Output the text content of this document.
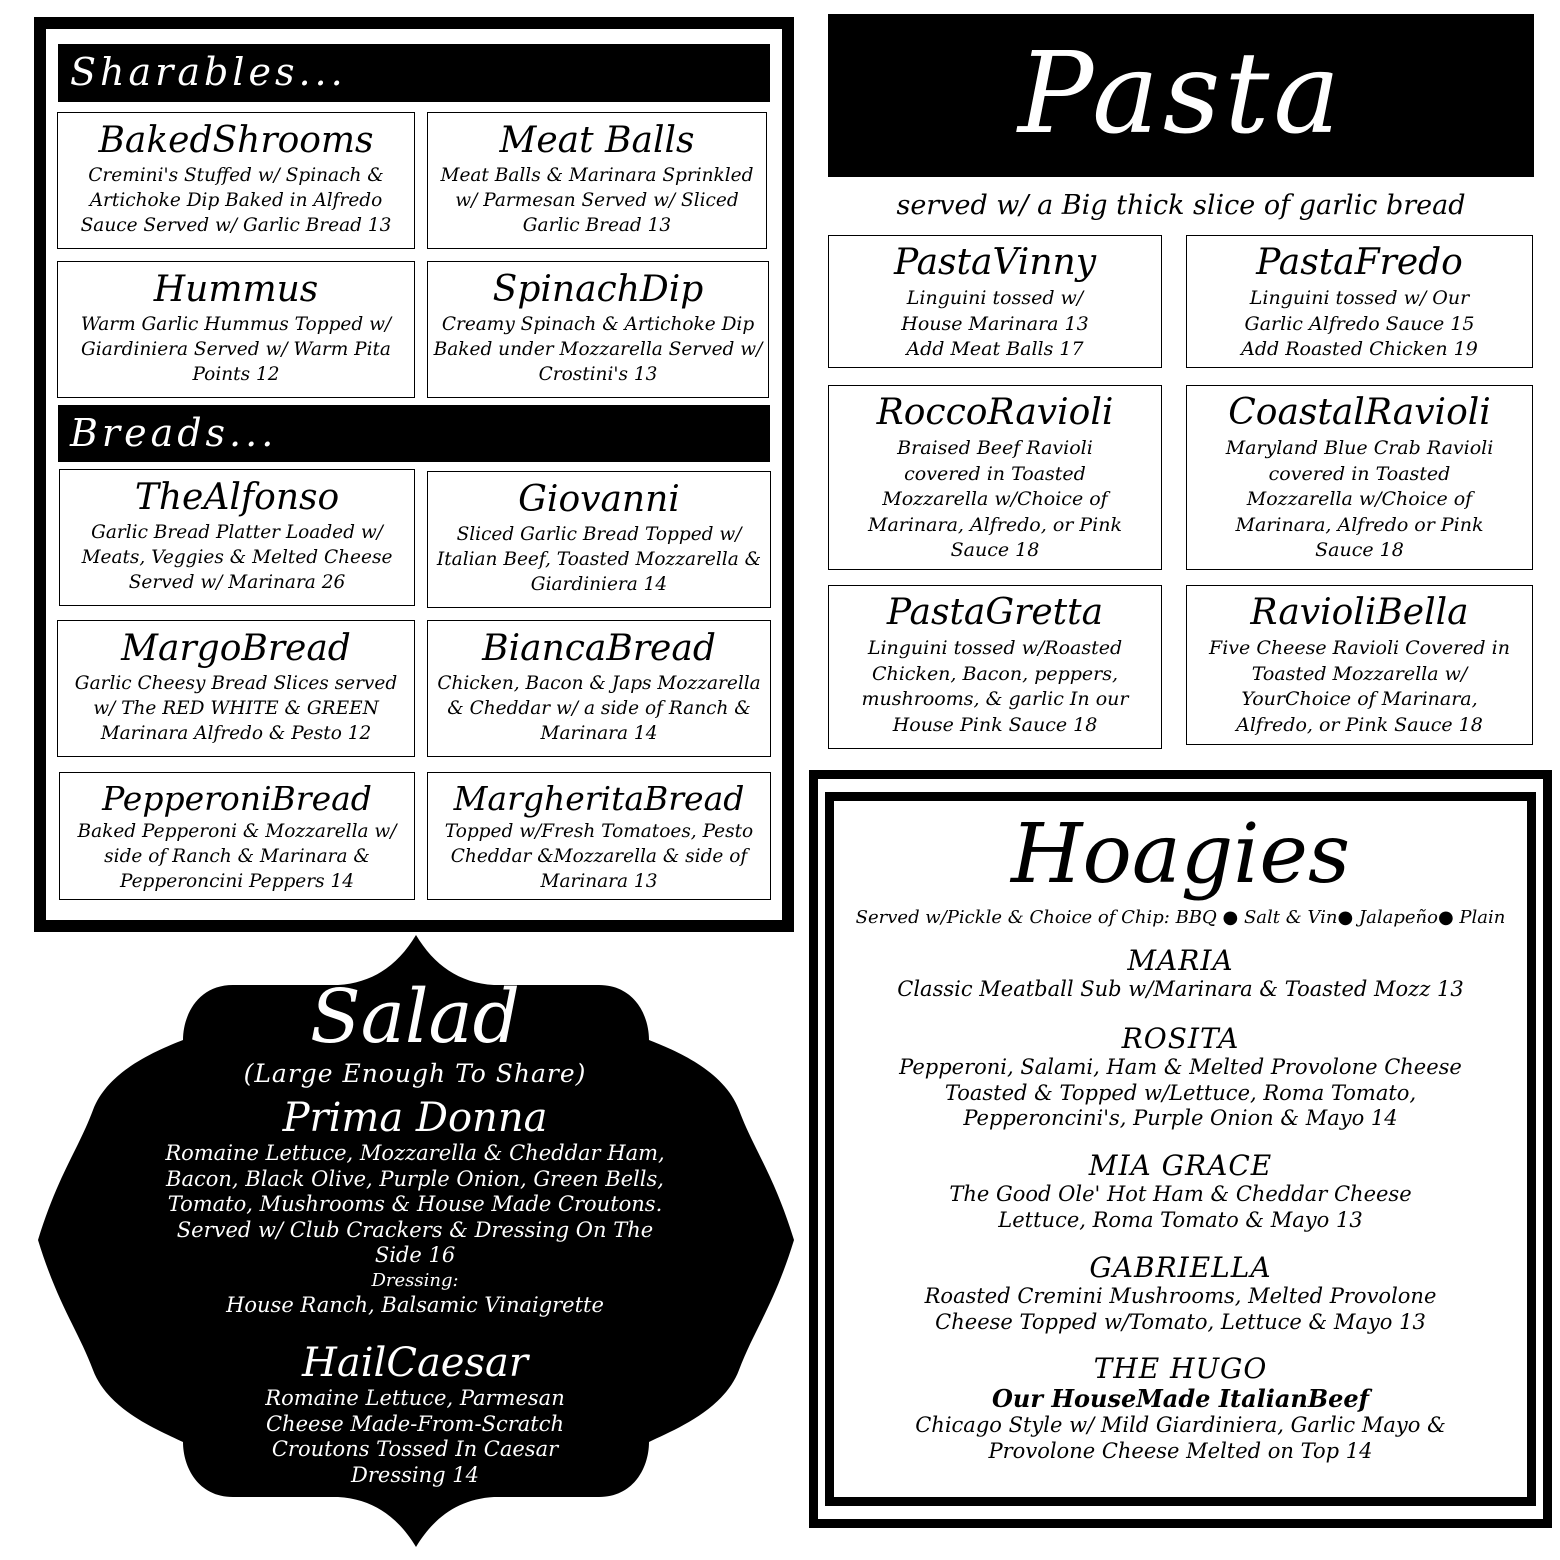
Sharables...
BakedShrooms
Cremini's Stuffed w/ Spinach & Artichoke Dip Baked in Alfredo Sauce Served w/ Garlic Bread 13
Meat Balls
Meat Balls & Marinara Sprinkled w/ Parmesan Served w/ Sliced Garlic Bread 13
Hummus
Warm Garlic Hummus Topped w/ Giardiniera Served w/ Warm Pita Points 12
SpinachDip
Creamy Spinach & Artichoke Dip Baked under Mozzarella Served w/ Crostini's 13
Breads...
TheAlfonso
Garlic Bread Platter Loaded w/ Meats, Veggies & Melted Cheese Served w/ Marinara 26
Giovanni
Sliced Garlic Bread Topped w/ Italian Beef, Toasted Mozzarella & Giardiniera 14
MargoBread
Garlic Cheesy Bread Slices served w/ The RED WHITE & GREEN Marinara Alfredo & Pesto 12
BiancaBread
Chicken, Bacon & Japs Mozzarella & Cheddar w/ a side of Ranch & Marinara 14
PepperoniBread
Baked Pepperoni & Mozzarella w/ side of Ranch & Marinara & Pepperoncini Peppers 14
MargheritaBread
Topped w/Fresh Tomatoes, Pesto Cheddar &Mozzarella & side of Marinara 13
Pasta
served w/ a Big thick slice of garlic bread
PastaVinny
Linguini tossed w/ House Marinara 13 Add Meat Balls 17
PastaFredo
Linguini tossed w/ Our Garlic Alfredo Sauce 15 Add Roasted Chicken 19
RoccoRavioli
Braised Beef Ravioli covered in Toasted Mozzarella w/Choice of Marinara, Alfredo, or Pink Sauce 18
CoastalRavioli
Maryland Blue Crab Ravioli covered in Toasted Mozzarella w/Choice of Marinara, Alfredo or Pink Sauce 18
PastaGretta
Linguini tossed w/Roasted Chicken, Bacon, peppers, mushrooms, & garlic In our House Pink Sauce 18
RavioliBella
Five Cheese Ravioli Covered in Toasted Mozzarella w/ YourChoice of Marinara, Alfredo, or Pink Sauce 18
Hoagies
Served w/Pickle & Choice of Chip: BBQ ● Salt & Vin● Jalapeño● Plain
MARIA
Classic Meatball Sub w/Marinara & Toasted Mozz 13
ROSITA
Pepperoni, Salami, Ham & Melted Provolone Cheese Toasted & Topped w/Lettuce, Roma Tomato, Pepperoncini's, Purple Onion & Mayo 14
MIA GRACE
The Good Ole' Hot Ham & Cheddar Cheese Lettuce, Roma Tomato & Mayo 13
GABRIELLA
Roasted Cremini Mushrooms, Melted Provolone Cheese Topped w/Tomato, Lettuce & Mayo 13
THE HUGO
Our HouseMade ItalianBeef
Chicago Style w/ Mild Giardiniera, Garlic Mayo & Provolone Cheese Melted on Top 14
Salad
(Large Enough To Share)
Prima Donna
Romaine Lettuce, Mozzarella & Cheddar Ham, Bacon, Black Olive, Purple Onion, Green Bells, Tomato, Mushrooms & House Made Croutons. Served w/ Club Crackers & Dressing On The Side 16
Dressing:
House Ranch, Balsamic Vinaigrette
HailCaesar
Romaine Lettuce, Parmesan Cheese Made-From-Scratch Croutons Tossed In Caesar Dressing 14
